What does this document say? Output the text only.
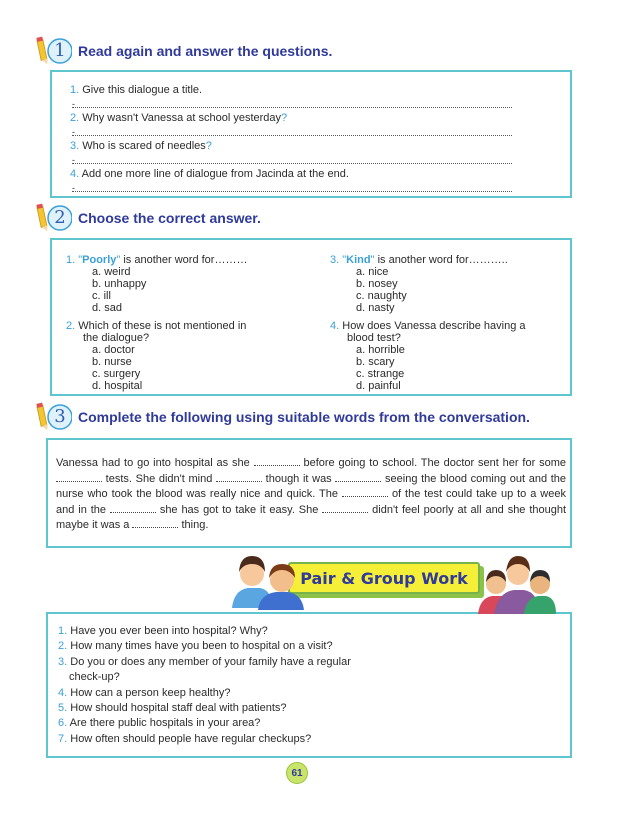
1 Read again and answer the questions.
1. Give this dialogue a title.
-
2. Why wasn't Vanessa at school yesterday?
-
3. Who is scared of needles?
-
4. Add one more line of dialogue from Jacinda at the end.
-
2 Choose the correct answer.
1. "Poorly" is another word for………
a. weird
b. unhappy
c. ill
d. sad
2. Which of these is not mentioned in
the dialogue?
a. doctor
b. nurse
c. surgery
d. hospital
3. "Kind" is another word for………..
a. nice
b. nosey
c. naughty
d. nasty
4. How does Vanessa describe having a
blood test?
a. horrible
b. scary
c. strange
d. painful
3 Complete the following using suitable words from the conversation.
Vanessa had to go into hospital as she	before going to school. The doctor sent her for some  tests. She didn't mind	though it was	seeing the blood coming out and the nurse who took the blood was really nice and quick. The	of the test could take up to a week and in the	she has got to take it easy. She	didn't feel poorly at all and she thought maybe it was a	thing.
Pair & Group Work
1. Have you ever been into hospital? Why?
2. How many times have you been to hospital on a visit?
3. Do you or does any member of your family have a regular
check-up?
4. How can a person keep healthy?
5. How should hospital staff deal with patients?
6. Are there public hospitals in your area?
7. How often should people have regular checkups?
61
